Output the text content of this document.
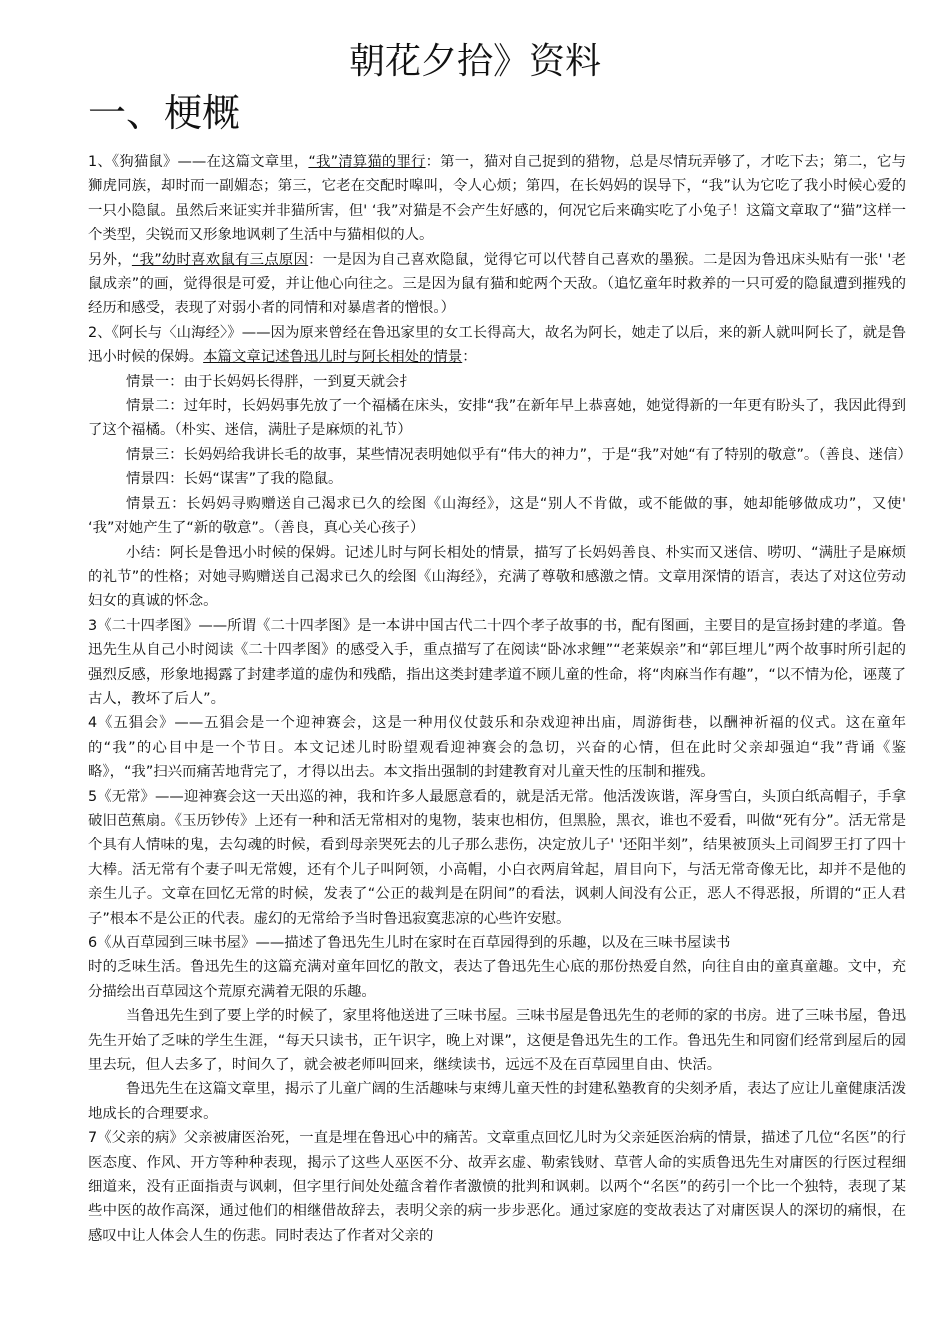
朝花夕拾》资料
一、梗概

1、《狗猫鼠》——在这篇文章里，“我”清算猫的罪行：第一，猫对自己捉到的猎物，总是尽情玩弄够了，才吃下去；第二，它与狮虎同族，却时而一副媚态；第三，它老在交配时嗥叫，令人心烦；第四，在长妈妈的误导下，“我”认为它吃了我小时候心爱的一只小隐鼠。虽然后来证实并非猫所害，但' ‘我”对猫是不会产生好感的，何况它后来确实吃了小兔子！这篇文章取了“猫”这样一个类型，尖锐而又形象地讽刺了生活中与猫相似的人。

另外，“我”幼时喜欢鼠有三点原因：一是因为自己喜欢隐鼠，觉得它可以代替自己喜欢的墨猴。二是因为鲁迅床头贴有一张' '老鼠成亲”的画，觉得很是可爱，并让他心向往之。三是因为鼠有猫和蛇两个天敌。（追忆童年时救养的一只可爱的隐鼠遭到摧残的经历和感受，表现了对弱小者的同情和对暴虐者的憎恨。）

2、《阿长与〈山海经〉》——因为原来曾经在鲁迅家里的女工长得高大，故名为阿长，她走了以后，来的新人就叫阿长了，就是鲁迅小时候的保姆。本篇文章记述鲁迅儿时与阿长相处的情景：

情景一：由于长妈妈长得胖，一到夏天就会扌

情景二：过年时，长妈妈事先放了一个福橘在床头，安排“我”在新年早上恭喜她，她觉得新的一年更有盼头了，我因此得到了这个福橘。（朴实、迷信，满肚子是麻烦的礼节）

情景三：长妈妈给我讲长毛的故事，某些情况表明她似乎有“伟大的神力”，于是“我”对她“有了特别的敬意”。（善良、迷信）

情景四：长妈“谋害”了我的隐鼠。

情景五：长妈妈寻购赠送自己渴求已久的绘图《山海经》，这是“别人不肯做，或不能做的事，她却能够做成功”，又使' ‘我”对她产生了“新的敬意”。（善良，真心关心孩子）

小结：阿长是鲁迅小时候的保姆。记述儿时与阿长相处的情景，描写了长妈妈善良、朴实而又迷信、唠叨、“满肚子是麻烦的礼节”的性格；对她寻购赠送自己渴求已久的绘图《山海经》，充满了尊敬和感激之情。文章用深情的语言，表达了对这位劳动妇女的真诚的怀念。

3《二十四孝图》——所谓《二十四孝图》是一本讲中国古代二十四个孝子故事的书，配有图画，主要目的是宣扬封建的孝道。鲁迅先生从自己小时阅读《二十四孝图》的感受入手，重点描写了在阅读“卧冰求鲤”“老莱娱亲”和“郭巨埋儿”两个故事时所引起的强烈反感，形象地揭露了封建孝道的虚伪和残酷，指出这类封建孝道不顾儿童的性命，将“肉麻当作有趣”，“以不情为伦，诬蔑了古人，教坏了后人”。

4《五猖会》——五猖会是一个迎神赛会，这是一种用仪仗鼓乐和杂戏迎神出庙，周游街巷，以酬神祈福的仪式。这在童年的“我”的心目中是一个节日。本文记述儿时盼望观看迎神赛会的急切，兴奋的心情，但在此时父亲却强迫“我”背诵《鉴略》，“我”扫兴而痛苦地背完了，才得以出去。本文指出强制的封建教育对儿童天性的压制和摧残。

5《无常》——迎神赛会这一天出巡的神，我和许多人最愿意看的，就是活无常。他活泼诙谐，浑身雪白，头顶白纸高帽子，手拿破旧芭蕉扇。《玉历钞传》上还有一种和活无常相对的鬼物，装束也相仿，但黑脸，黑衣，谁也不爱看，叫做“死有分”。活无常是个具有人情味的鬼，去勾魂的时候，看到母亲哭死去的儿子那么悲伤，决定放儿子' '还阳半刻”，结果被顶头上司阎罗王打了四十大棒。活无常有个妻子叫无常嫂，还有个儿子叫阿领，小高帽，小白衣两肩耸起，眉目向下，与活无常奇像无比，却并不是他的亲生儿子。文章在回忆无常的时候，发表了“公正的裁判是在阴间”的看法，讽刺人间没有公正，恶人不得恶报，所谓的“正人君子”根本不是公正的代表。虚幻的无常给予当时鲁迅寂寞悲凉的心些许安慰。

6《从百草园到三味书屋》——描述了鲁迅先生儿时在家时在百草园得到的乐趣，以及在三味书屋读书

时的乏味生活。鲁迅先生的这篇充满对童年回忆的散文，表达了鲁迅先生心底的那份热爱自然，向往自由的童真童趣。文中，充分描绘出百草园这个荒原充满着无限的乐趣。

当鲁迅先生到了要上学的时候了，家里将他送进了三味书屋。三味书屋是鲁迅先生的老师的家的书房。进了三味书屋，鲁迅先生开始了乏味的学生生涯，“每天只读书，正午识字，晚上对课”，这便是鲁迅先生的工作。鲁迅先生和同窗们经常到屋后的园里去玩，但人去多了，时间久了，就会被老师叫回来，继续读书，远远不及在百草园里自由、快活。

鲁迅先生在这篇文章里，揭示了儿童广阔的生活趣味与束缚儿童天性的封建私塾教育的尖刻矛盾，表达了应让儿童健康活泼地成长的合理要求。

7《父亲的病》父亲被庸医治死，一直是埋在鲁迅心中的痛苦。文章重点回忆儿时为父亲延医治病的情景，描述了几位“名医”的行医态度、作风、开方等种种表现，揭示了这些人巫医不分、故弄玄虚、勒索钱财、草菅人命的实质鲁迅先生对庸医的行医过程细细道来，没有正面指责与讽刺，但字里行间处处蕴含着作者激愤的批判和讽刺。以两个“名医”的药引一个比一个独特，表现了某些中医的故作高深，通过他们的相继借故辞去，表明父亲的病一步步恶化。通过家庭的变故表达了对庸医误人的深切的痛恨，在感叹中让人体会人生的伤悲。同时表达了作者对父亲的
